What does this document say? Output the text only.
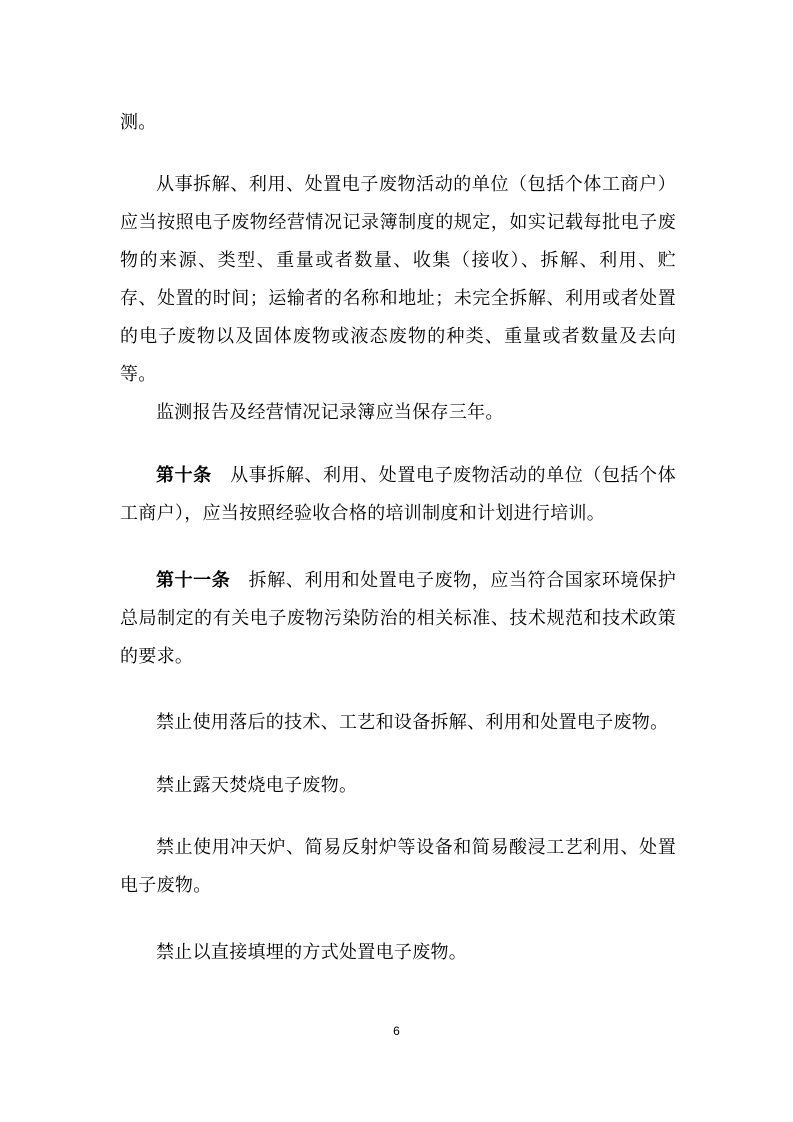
测。

从事拆解、利用、处置电子废物活动的单位（包括个体工商户）应当按照电子废物经营情况记录簿制度的规定，如实记载每批电子废物的来源、类型、重量或者数量、收集（接收）、拆解、利用、贮存、处置的时间；运输者的名称和地址；未完全拆解、利用或者处置的电子废物以及固体废物或液态废物的种类、重量或者数量及去向等。

监测报告及经营情况记录簿应当保存三年。

第十条 从事拆解、利用、处置电子废物活动的单位（包括个体工商户），应当按照经验收合格的培训制度和计划进行培训。

第十一条 拆解、利用和处置电子废物，应当符合国家环境保护总局制定的有关电子废物污染防治的相关标准、技术规范和技术政策的要求。

禁止使用落后的技术、工艺和设备拆解、利用和处置电子废物。

禁止露天焚烧电子废物。

禁止使用冲天炉、简易反射炉等设备和简易酸浸工艺利用、处置电子废物。

禁止以直接填埋的方式处置电子废物。

6
